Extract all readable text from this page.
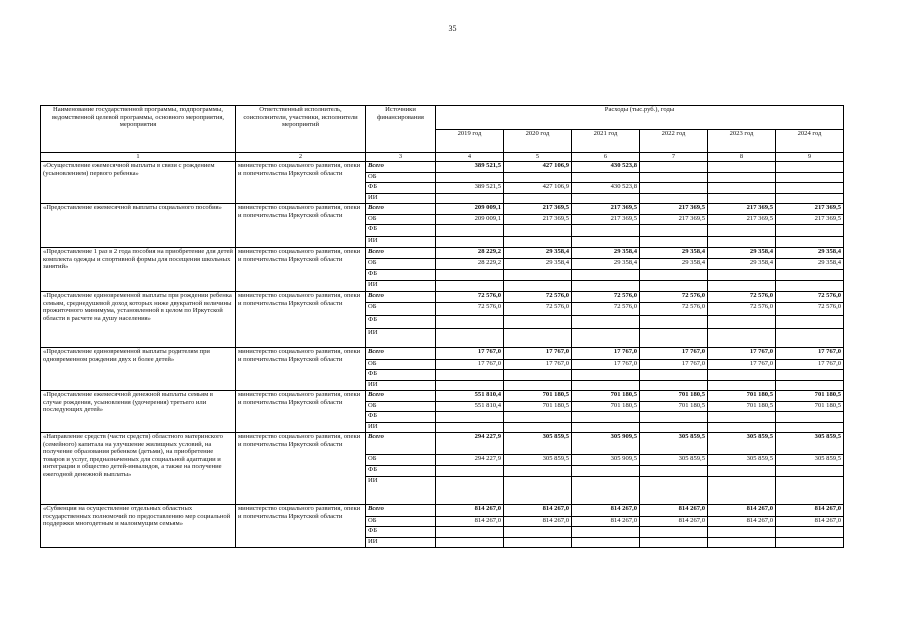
35
Наименование государственной программы, подпрограммы, ведомственной целевой программы, основного мероприятия, мероприятия	Ответственный исполнитель, соисполнители, участники, исполнители мероприятий	Источники финансирования	Расходы (тыс.руб.), годы					
			2019 год	2020 год	2021 год	2022 год	2023 год	2024 год
1	2	3	4	5	6	7	8	9
«Осуществление ежемесячной выплаты в связи с рождением (усыновлением) первого ребенка»	министерство социального развития, опеки и попечительства Иркутской области	Всего	389 521,5	427 106,9	430 523,8			
		ОБ						
		ФБ	389 521,5	427 106,9	430 523,8			
		ИИ						
«Предоставление ежемесячной выплаты социального пособия»	министерство социального развития, опеки и попечительства Иркутской области	Всего	209 009,1	217 369,5	217 369,5	217 369,5	217 369,5	217 369,5
		ОБ	209 009,1	217 369,5	217 369,5	217 369,5	217 369,5	217 369,5
		ФБ						
		ИИ						
«Предоставление 1 раз в 2 года пособия на приобретение для детей комплекта одежды и спортивной формы для посещения школьных занятий»	министерство социального развития, опеки и попечительства Иркутской области	Всего	28 229,2	29 358,4	29 358,4	29 358,4	29 358,4	29 358,4
		ОБ	28 229,2	29 358,4	29 358,4	29 358,4	29 358,4	29 358,4
		ФБ						
		ИИ						
«Предоставление единовременной выплаты при рождении ребенка семьям, среднедушевой доход которых ниже двукратной величины прожиточного минимума, установленной в целом по Иркутской области в расчете на душу населения»	министерство социального развития, опеки и попечительства Иркутской области	Всего	72 576,0	72 576,0	72 576,0	72 576,0	72 576,0	72 576,0
		ОБ	72 576,0	72 576,0	72 576,0	72 576,0	72 576,0	72 576,0
		ФБ						
		ИИ						
«Предоставление единовременной выплаты родителям при одновременном рождении двух и более детей»	министерство социального развития, опеки и попечительства Иркутской области	Всего	17 767,0	17 767,0	17 767,0	17 767,0	17 767,0	17 767,0
		ОБ	17 767,0	17 767,0	17 767,0	17 767,0	17 767,0	17 767,0
		ФБ						
		ИИ						
«Предоставление ежемесячной денежной выплаты семьям в случае рождения, усыновления (удочерения) третьего или последующих детей»	министерство социального развития, опеки и попечительства Иркутской области	Всего	551 810,4	701 180,5	701 180,5	701 180,5	701 180,5	701 180,5
		ОБ	551 810,4	701 180,5	701 180,5	701 180,5	701 180,5	701 180,5
		ФБ						
		ИИ						
«Направление средств (части средств) областного материнского (семейного) капитала на улучшение жилищных условий, на получение образования ребенком (детьми), на приобретение товаров и услуг, предназначенных для социальной адаптации и интеграции в общество детей-инвалидов, а также на получение ежегодной денежной выплаты»	министерство социального развития, опеки и попечительства Иркутской области	Всего	294 227,9	305 859,5	305 909,5	305 859,5	305 859,5	305 859,5
		ОБ	294 227,9	305 859,5	305 909,5	305 859,5	305 859,5	305 859,5
		ФБ						
		ИИ						
«Субвенция на осуществление отдельных областных государственных полномочий по предоставлению мер социальной поддержки многодетным и малоимущим семьям»	министерство социального развития, опеки и попечительства Иркутской области	Всего	814 267,0	814 267,0	814 267,0	814 267,0	814 267,0	814 267,0
		ОБ	814 267,0	814 267,0	814 267,0	814 267,0	814 267,0	814 267,0
		ФБ						
		ИИ						
